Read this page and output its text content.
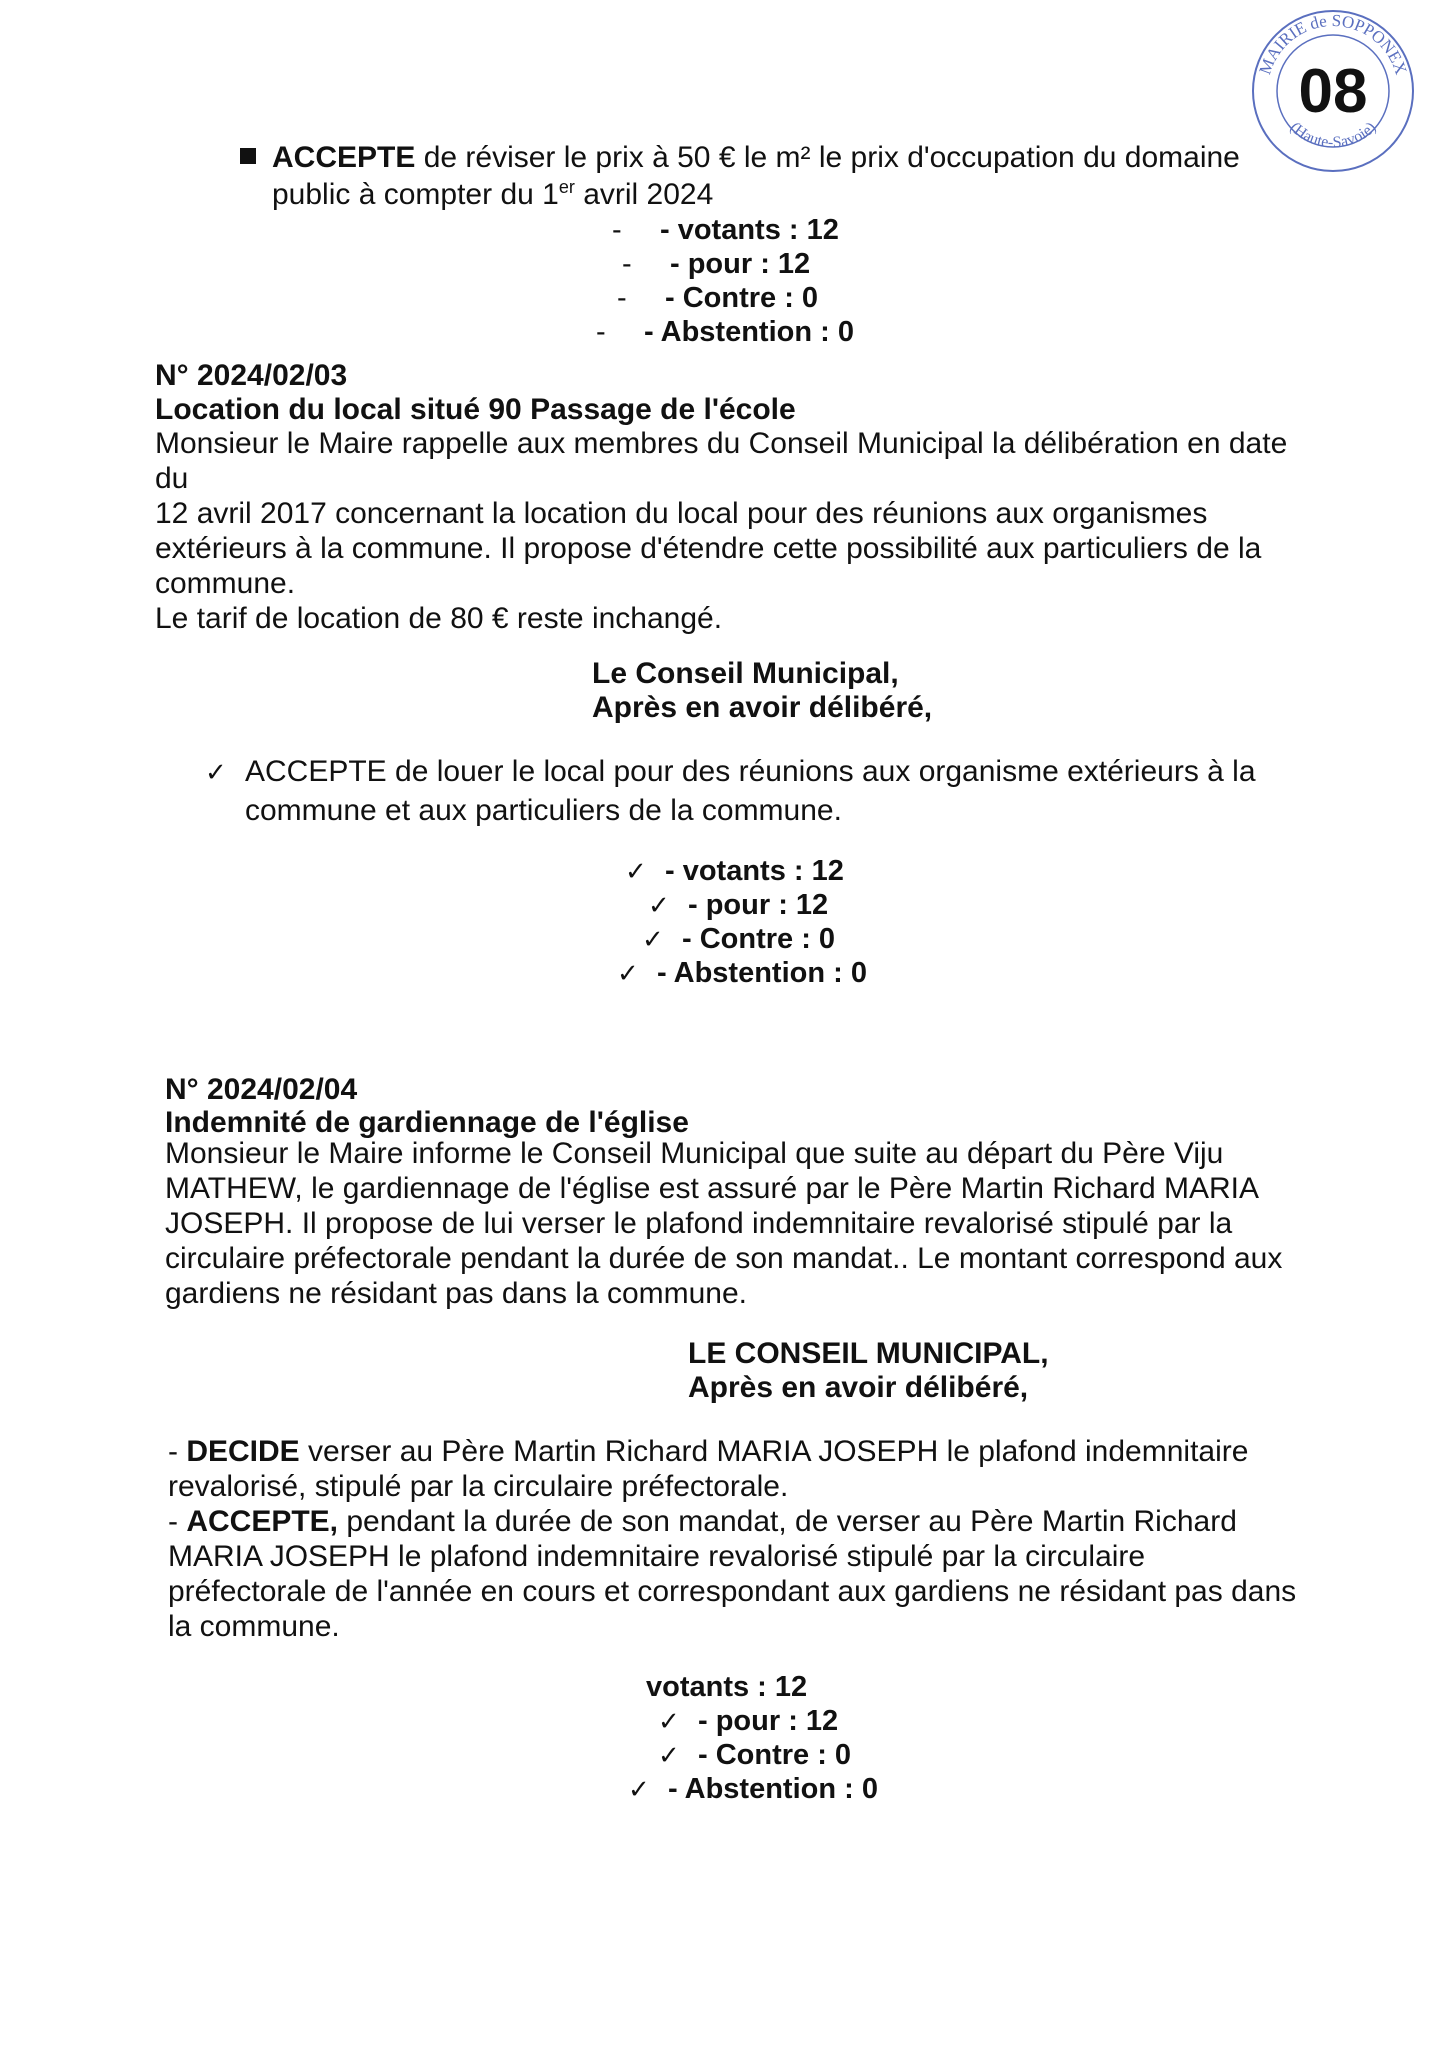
MAIRIE de SOPPONEX
(Haute-Savoie)
08
ACCEPTE de réviser le prix à 50 € le m² le prix d'occupation du domaine
public à compter du 1er avril 2024
- - votants : 12
- - pour : 12
- - Contre : 0
- - Abstention : 0
N° 2024/02/03
Location du local situé 90 Passage de l'école
Monsieur le Maire rappelle aux membres du Conseil Municipal la délibération en date
du
12 avril 2017 concernant la location du local pour des réunions aux organismes
extérieurs à la commune. Il propose d'étendre cette possibilité aux particuliers de la
commune.
Le tarif de location de 80 € reste inchangé.
Le Conseil Municipal,
Après en avoir délibéré,
✓ ACCEPTE de louer le local pour des réunions aux organisme extérieurs à la
commune et aux particuliers de la commune.
✓ - votants : 12
✓ - pour : 12
✓ - Contre : 0
✓ - Abstention : 0
N° 2024/02/04
Indemnité de gardiennage de l'église
Monsieur le Maire informe le Conseil Municipal que suite au départ du Père Viju
MATHEW, le gardiennage de l'église est assuré par le Père Martin Richard MARIA
JOSEPH. Il propose de lui verser le plafond indemnitaire revalorisé stipulé par la
circulaire préfectorale pendant la durée de son mandat.. Le montant correspond aux
gardiens ne résidant pas dans la commune.
LE CONSEIL MUNICIPAL,
Après en avoir délibéré,
- DECIDE verser au Père Martin Richard MARIA JOSEPH le plafond indemnitaire
revalorisé, stipulé par la circulaire préfectorale.
- ACCEPTE, pendant la durée de son mandat, de verser au Père Martin Richard
MARIA JOSEPH le plafond indemnitaire revalorisé stipulé par la circulaire
préfectorale de l'année en cours et correspondant aux gardiens ne résidant pas dans
la commune.
votants : 12
✓ - pour : 12
✓ - Contre : 0
✓ - Abstention : 0
